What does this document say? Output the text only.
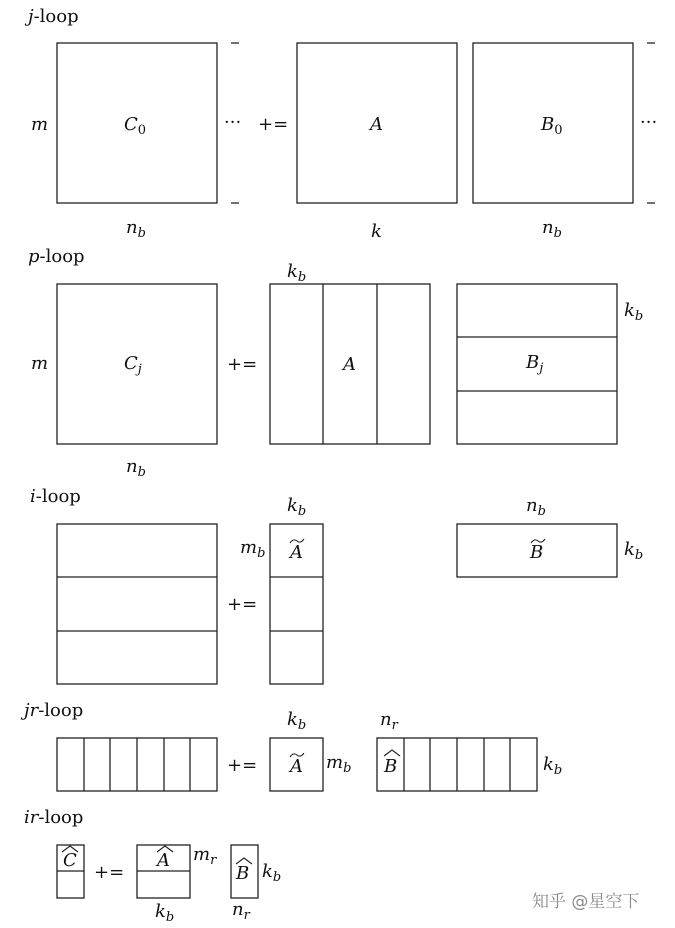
j-loop
m	$C_0$
$n_b$
··· +=	A
k
$B_0$	···
$n_b$
p-loop
m	$C_j$
$n_b$
+=	A
$k_b$
$B_j$
$k_b$
i-loop
+=
A
$m_b$
$k_b$
B
$n_b$
$k_b$
jr-loop
+= A
$k_b$
$m_b$ B
$n_r$
$k_b$
ir-loop
C
+=
A $m_r$
$k_b$
B $k_b$
$n_r$
知乎 @星空下
